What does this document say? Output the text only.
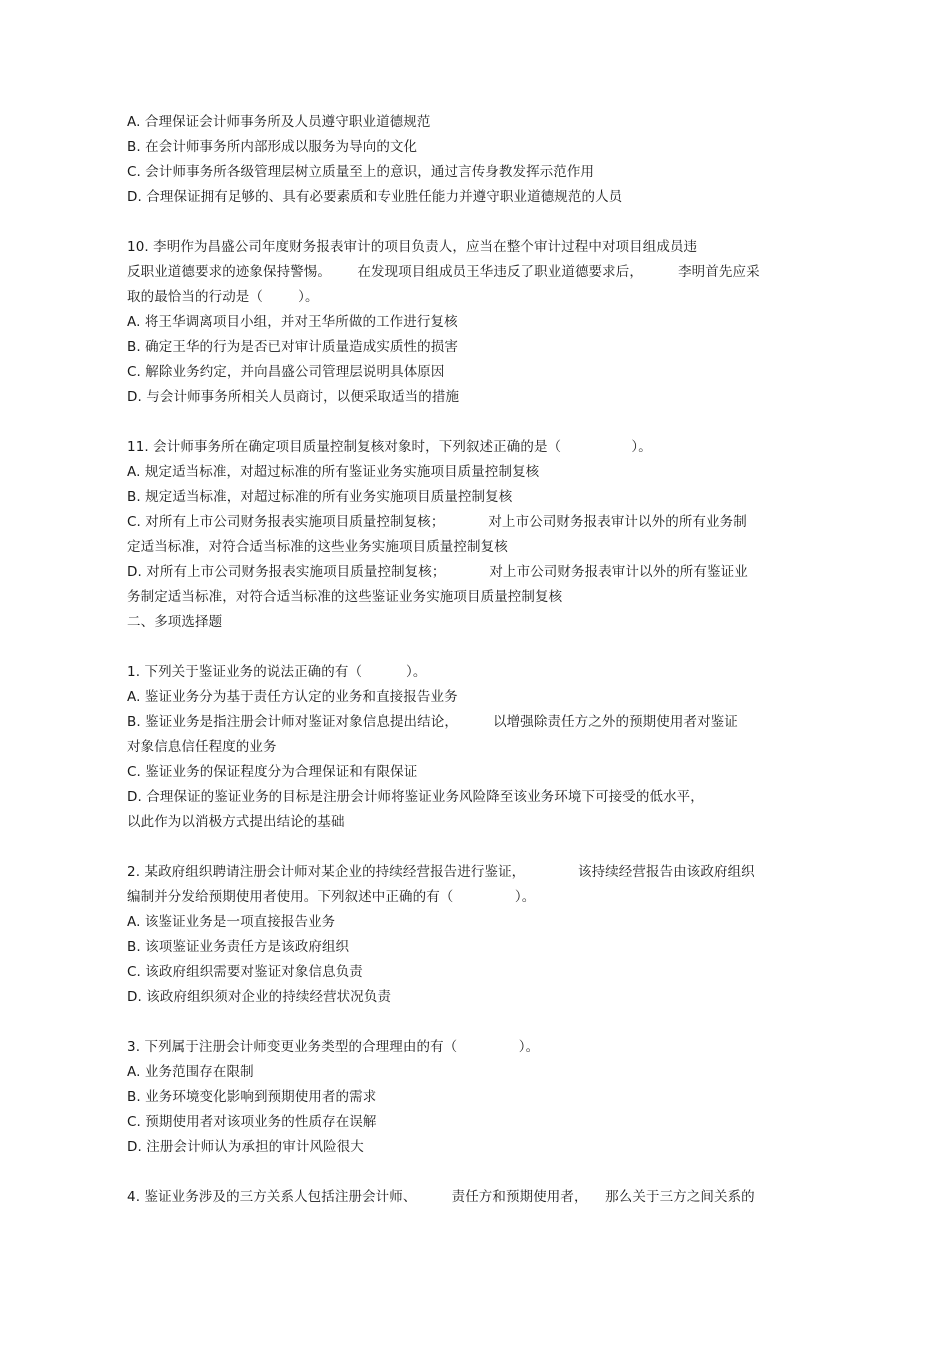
A. 合理保证会计师事务所及人员遵守职业道德规范
B. 在会计师事务所内部形成以服务为导向的文化
C. 会计师事务所各级管理层树立质量至上的意识，通过言传身教发挥示范作用
D. 合理保证拥有足够的、具有必要素质和专业胜任能力并遵守职业道德规范的人员
10. 李明作为昌盛公司年度财务报表审计的项目负责人，应当在整个审计过程中对项目组成员违
反职业道德要求的迹象保持警惕。      在发现项目组成员王华违反了职业道德要求后，        李明首先应采
取的最恰当的行动是（        ）。
A. 将王华调离项目小组，并对王华所做的工作进行复核
B. 确定王华的行为是否已对审计质量造成实质性的损害
C. 解除业务约定，并向昌盛公司管理层说明具体原因
D. 与会计师事务所相关人员商讨，以便采取适当的措施
11. 会计师事务所在确定项目质量控制复核对象时，下列叙述正确的是（                ）。
A. 规定适当标准，对超过标准的所有鉴证业务实施项目质量控制复核
B. 规定适当标准，对超过标准的所有业务实施项目质量控制复核
C. 对所有上市公司财务报表实施项目质量控制复核；          对上市公司财务报表审计以外的所有业务制
定适当标准，对符合适当标准的这些业务实施项目质量控制复核
D. 对所有上市公司财务报表实施项目质量控制复核；          对上市公司财务报表审计以外的所有鉴证业
务制定适当标准，对符合适当标准的这些鉴证业务实施项目质量控制复核
二、多项选择题
1. 下列关于鉴证业务的说法正确的有（          ）。
A. 鉴证业务分为基于责任方认定的业务和直接报告业务
B. 鉴证业务是指注册会计师对鉴证对象信息提出结论，        以增强除责任方之外的预期使用者对鉴证
对象信息信任程度的业务
C. 鉴证业务的保证程度分为合理保证和有限保证
D. 合理保证的鉴证业务的目标是注册会计师将鉴证业务风险降至该业务环境下可接受的低水平，
以此作为以消极方式提出结论的基础
2. 某政府组织聘请注册会计师对某企业的持续经营报告进行鉴证，            该持续经营报告由该政府组织
编制并分发给预期使用者使用。下列叙述中正确的有（              ）。
A. 该鉴证业务是一项直接报告业务
B. 该项鉴证业务责任方是该政府组织
C. 该政府组织需要对鉴证对象信息负责
D. 该政府组织须对企业的持续经营状况负责
3. 下列属于注册会计师变更业务类型的合理理由的有（              ）。
A. 业务范围存在限制
B. 业务环境变化影响到预期使用者的需求
C. 预期使用者对该项业务的性质存在误解
D. 注册会计师认为承担的审计风险很大
4. 鉴证业务涉及的三方关系人包括注册会计师、        责任方和预期使用者，    那么关于三方之间关系的
